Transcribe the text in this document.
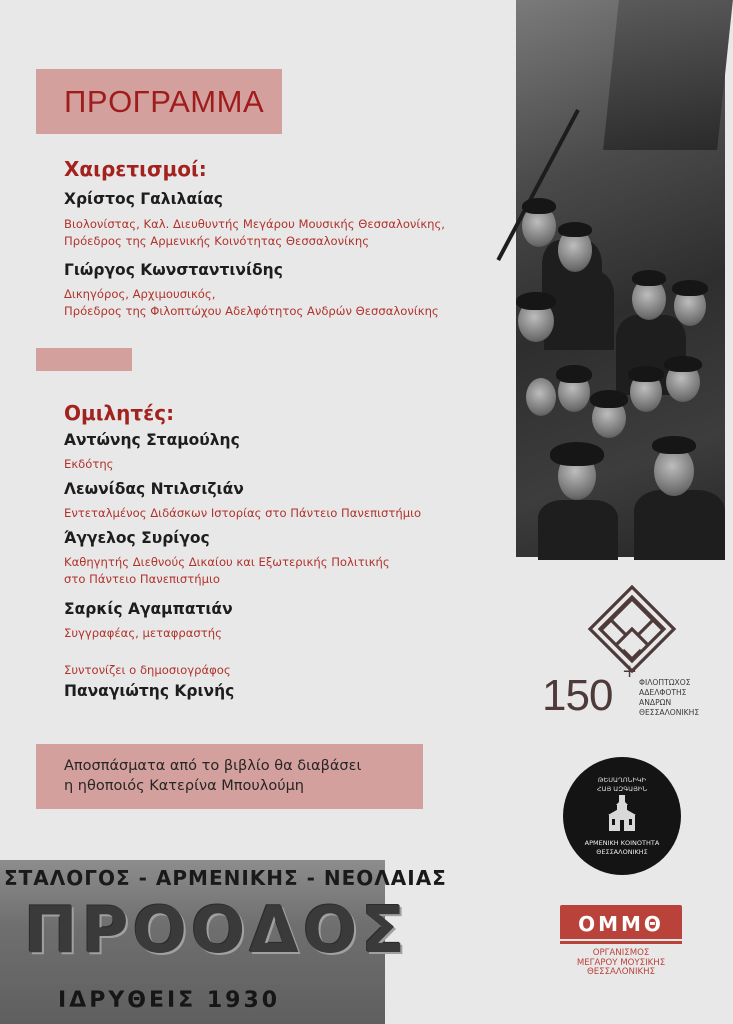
ΠΡΟΓΡΑΜΜΑ
Χαιρετισμοί:
Χρίστος Γαλιλαίας
Βιολονίστας, Καλ. Διευθυντής Μεγάρου Μουσικής Θεσσαλονίκης,
Πρόεδρος της Αρμενικής Κοινότητας Θεσσαλονίκης
Γιώργος Κωνσταντινίδης
Δικηγόρος, Αρχιμουσικός,
Πρόεδρος της Φιλοπτώχου Αδελφότητος Ανδρών Θεσσαλονίκης
Ομιλητές:
Αντώνης Σταμούλης
Εκδότης
Λεωνίδας Ντιλσιζιάν
Εντεταλμένος Διδάσκων Ιστορίας στο Πάντειο Πανεπιστήμιο
Άγγελος Συρίγος
Καθηγητής Διεθνούς Δικαίου και Εξωτερικής Πολιτικής
στο Πάντειο Πανεπιστήμιο
Σαρκίς Αγαμπατιάν
Συγγραφέας, μεταφραστής
Συντονίζει ο δημοσιογράφος
Παναγιώτης Κρινής
Αποσπάσματα από το βιβλίο θα διαβάσει
η ηθοποιός Κατερίνα Μπουλούμη
ΣΤΑΛΟΓΟΣ - ΑΡΜΕΝΙΚΗΣ - ΝΕΟΛΑΙΑΣ
ΠΡΟΟΔΟΣ
ΙΔΡΥΘΕΙΣ 1930
150 +
ΦΙΛΟΠΤΩΧΟΣ
ΑΔΕΛΦΟΤΗΣ
ΑΝΔΡΩΝ
ΘΕΣΣΑΛΟΝΙΚΗΣ
ԹԵՍԱՂՈՆԻԿԻ
ՀԱՅ ԱԶԳԱՅԻՆ
ΑΡΜΕΝΙΚΗ ΚΟΙΝΟΤΗΤΑ
ΘΕΣΣΑΛΟΝΙΚΗΣ
ΟΜΜΘ
ΟΡΓΑΝΙΣΜΟΣ
ΜΕΓΑΡΟΥ ΜΟΥΣΙΚΗΣ
ΘΕΣΣΑΛΟΝΙΚΗΣ
